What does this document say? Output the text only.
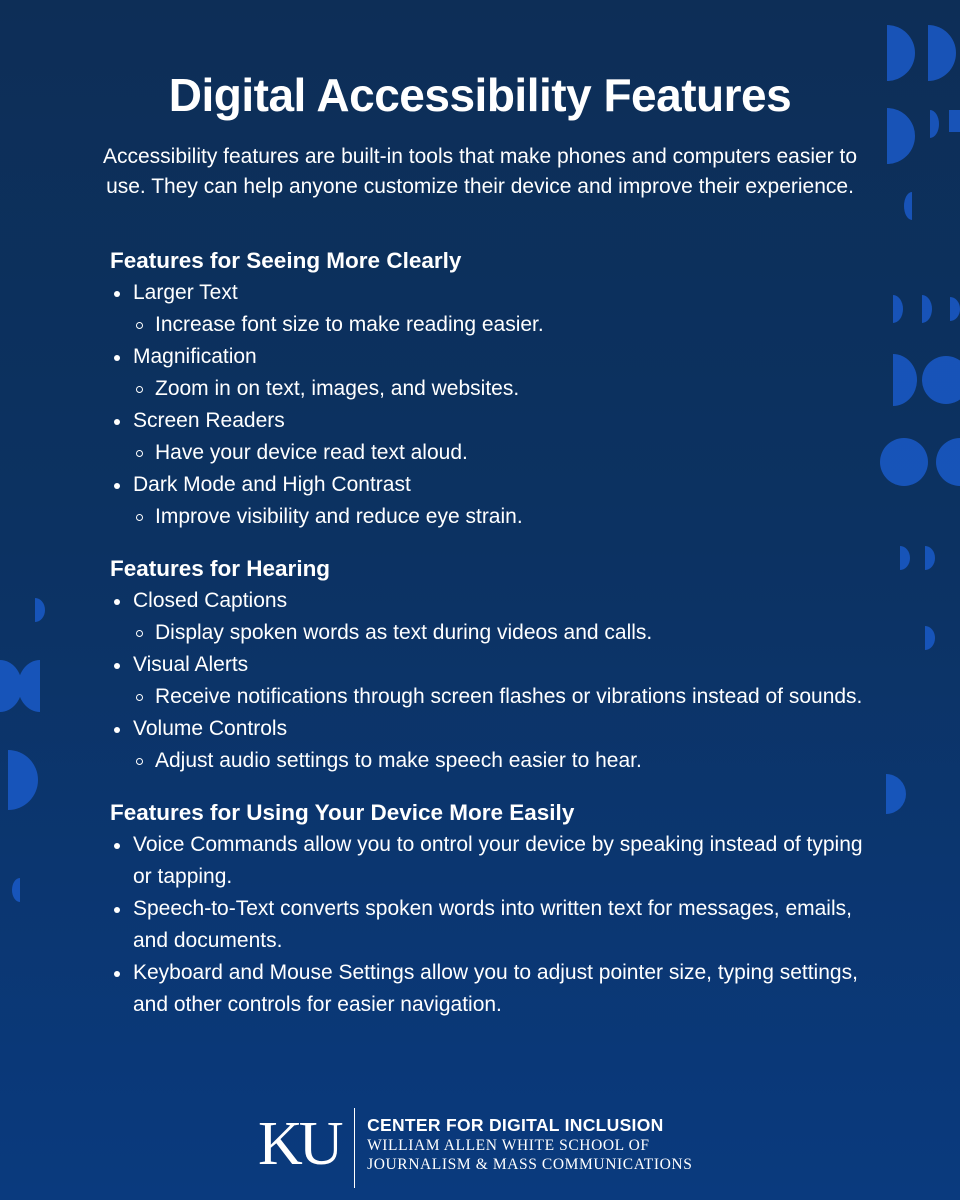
Digital Accessibility Features

Accessibility features are built-in tools that make phones and computers easier to use. They can help anyone customize their device and improve their experience.

Features for Seeing More Clearly
Larger Text
Increase font size to make reading easier.
Magnification
Zoom in on text, images, and websites.
Screen Readers
Have your device read text aloud.
Dark Mode and High Contrast
Improve visibility and reduce eye strain.
Features for Hearing
Closed Captions
Display spoken words as text during videos and calls.
Visual Alerts
Receive notifications through screen flashes or vibrations instead of sounds.
Volume Controls
Adjust audio settings to make speech easier to hear.
Features for Using Your Device More Easily
Voice Commands allow you to ontrol your device by speaking instead of typing or tapping.
Speech-to-Text converts spoken words into written text for messages, emails, and documents.
Keyboard and Mouse Settings allow you to adjust pointer size, typing settings, and other controls for easier navigation.
KU CENTER FOR DIGITAL INCLUSION
WILLIAM ALLEN WHITE SCHOOL OF
JOURNALISM & MASS COMMUNICATIONS
